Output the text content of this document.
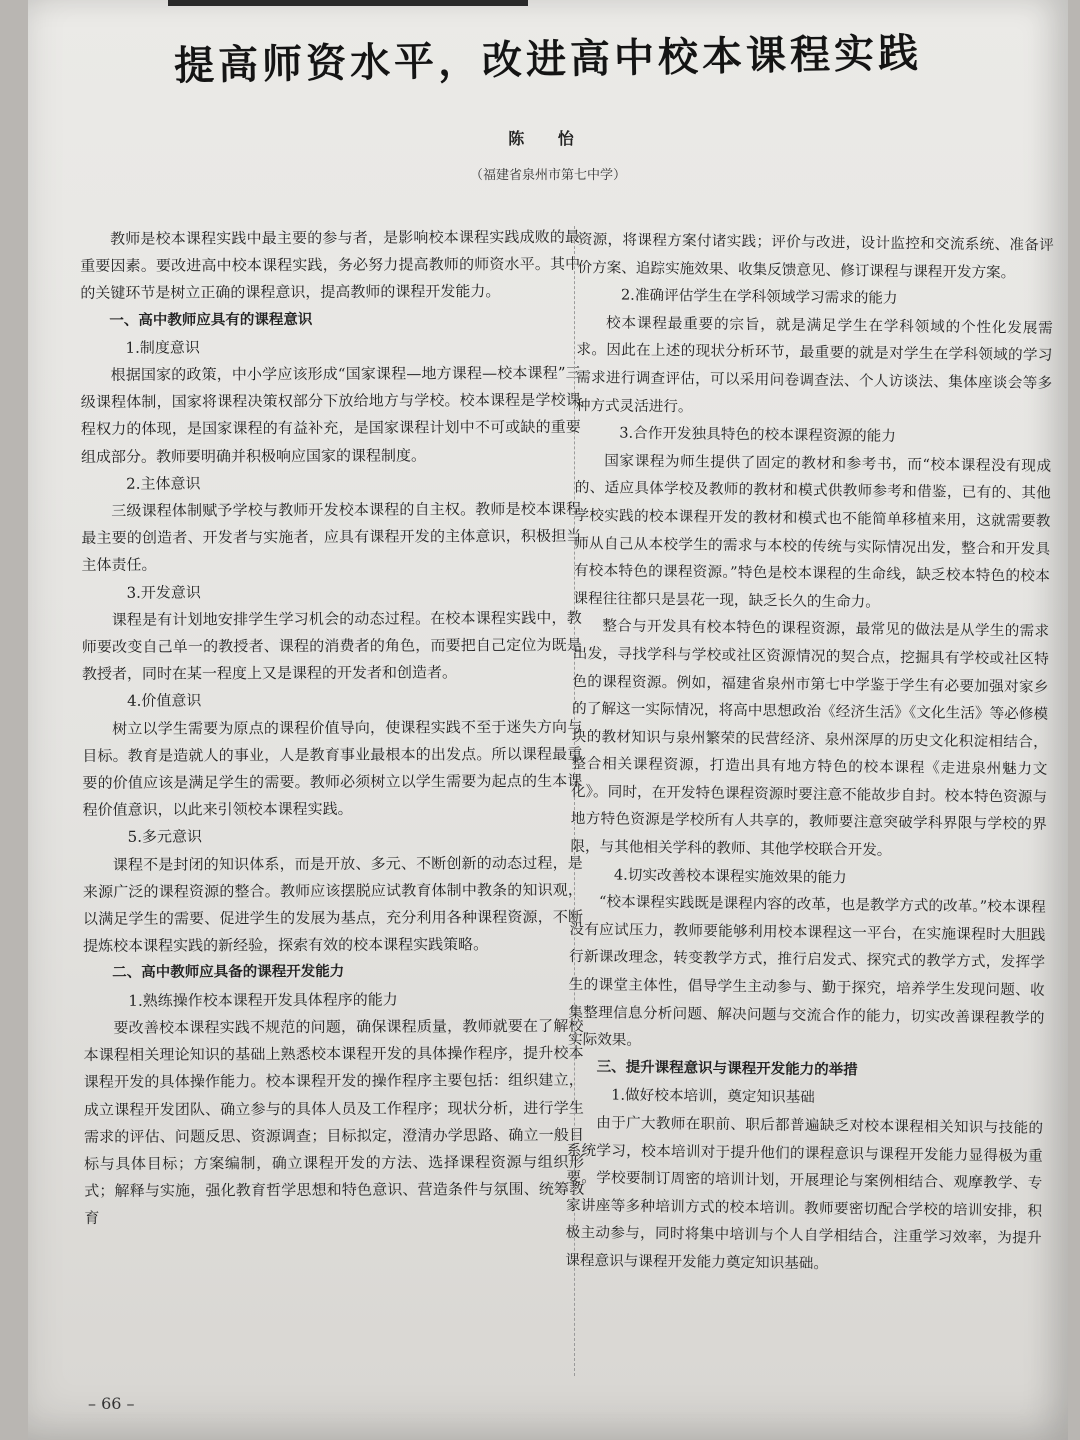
提高师资水平，改进高中校本课程实践
陈 怡
（福建省泉州市第七中学）

教师是校本课程实践中最主要的参与者，是影响校本课程实践成败的最重要因素。要改进高中校本课程实践，务必努力提高教师的师资水平。其中的关键环节是树立正确的课程意识，提高教师的课程开发能力。

一、高中教师应具有的课程意识

1.制度意识

根据国家的政策，中小学应该形成“国家课程—地方课程—校本课程”三级课程体制，国家将课程决策权部分下放给地方与学校。校本课程是学校课程权力的体现，是国家课程的有益补充，是国家课程计划中不可或缺的重要组成部分。教师要明确并积极响应国家的课程制度。

2.主体意识

三级课程体制赋予学校与教师开发校本课程的自主权。教师是校本课程最主要的创造者、开发者与实施者，应具有课程开发的主体意识，积极担当主体责任。

3.开发意识

课程是有计划地安排学生学习机会的动态过程。在校本课程实践中，教师要改变自己单一的教授者、课程的消费者的角色，而要把自己定位为既是教授者，同时在某一程度上又是课程的开发者和创造者。

4.价值意识

树立以学生需要为原点的课程价值导向，使课程实践不至于迷失方向与目标。教育是造就人的事业，人是教育事业最根本的出发点。所以课程最重要的价值应该是满足学生的需要。教师必须树立以学生需要为起点的生本课程价值意识，以此来引领校本课程实践。

5.多元意识

课程不是封闭的知识体系，而是开放、多元、不断创新的动态过程，是来源广泛的课程资源的整合。教师应该摆脱应试教育体制中教条的知识观，以满足学生的需要、促进学生的发展为基点，充分利用各种课程资源，不断提炼校本课程实践的新经验，探索有效的校本课程实践策略。

二、高中教师应具备的课程开发能力

1.熟练操作校本课程开发具体程序的能力

要改善校本课程实践不规范的问题，确保课程质量，教师就要在了解校本课程相关理论知识的基础上熟悉校本课程开发的具体操作程序，提升校本课程开发的具体操作能力。校本课程开发的操作程序主要包括：组织建立，成立课程开发团队、确立参与的具体人员及工作程序；现状分析，进行学生需求的评估、问题反思、资源调查；目标拟定，澄清办学思路、确立一般目标与具体目标；方案编制，确立课程开发的方法、选择课程资源与组织形式；解释与实施，强化教育哲学思想和特色意识、营造条件与氛围、统筹教育

资源，将课程方案付诸实践；评价与改进，设计监控和交流系统、准备评价方案、追踪实施效果、收集反馈意见、修订课程与课程开发方案。

2.准确评估学生在学科领域学习需求的能力

校本课程最重要的宗旨，就是满足学生在学科领域的个性化发展需求。因此在上述的现状分析环节，最重要的就是对学生在学科领域的学习需求进行调查评估，可以采用问卷调查法、个人访谈法、集体座谈会等多种方式灵活进行。

3.合作开发独具特色的校本课程资源的能力

国家课程为师生提供了固定的教材和参考书，而“校本课程没有现成的、适应具体学校及教师的教材和模式供教师参考和借鉴，已有的、其他学校实践的校本课程开发的教材和模式也不能简单移植来用，这就需要教师从自己从本校学生的需求与本校的传统与实际情况出发，整合和开发具有校本特色的课程资源。”特色是校本课程的生命线，缺乏校本特色的校本课程往往都只是昙花一现，缺乏长久的生命力。

整合与开发具有校本特色的课程资源，最常见的做法是从学生的需求出发，寻找学科与学校或社区资源情况的契合点，挖掘具有学校或社区特色的课程资源。例如，福建省泉州市第七中学鉴于学生有必要加强对家乡的了解这一实际情况，将高中思想政治《经济生活》《文化生活》等必修模块的教材知识与泉州繁荣的民营经济、泉州深厚的历史文化积淀相结合，整合相关课程资源，打造出具有地方特色的校本课程《走进泉州魅力文化》。同时，在开发特色课程资源时要注意不能故步自封。校本特色资源与地方特色资源是学校所有人共享的，教师要注意突破学科界限与学校的界限，与其他相关学科的教师、其他学校联合开发。

4.切实改善校本课程实施效果的能力

“校本课程实践既是课程内容的改革，也是教学方式的改革。”校本课程没有应试压力，教师要能够利用校本课程这一平台，在实施课程时大胆践行新课改理念，转变教学方式，推行启发式、探究式的教学方式，发挥学生的课堂主体性，倡导学生主动参与、勤于探究，培养学生发现问题、收集整理信息分析问题、解决问题与交流合作的能力，切实改善课程教学的实际效果。

三、提升课程意识与课程开发能力的举措

1.做好校本培训，奠定知识基础

由于广大教师在职前、职后都普遍缺乏对校本课程相关知识与技能的系统学习，校本培训对于提升他们的课程意识与课程开发能力显得极为重要。学校要制订周密的培训计划，开展理论与案例相结合、观摩教学、专家讲座等多种培训方式的校本培训。教师要密切配合学校的培训安排，积极主动参与，同时将集中培训与个人自学相结合，注重学习效率，为提升课程意识与课程开发能力奠定知识基础。

– 66 –
